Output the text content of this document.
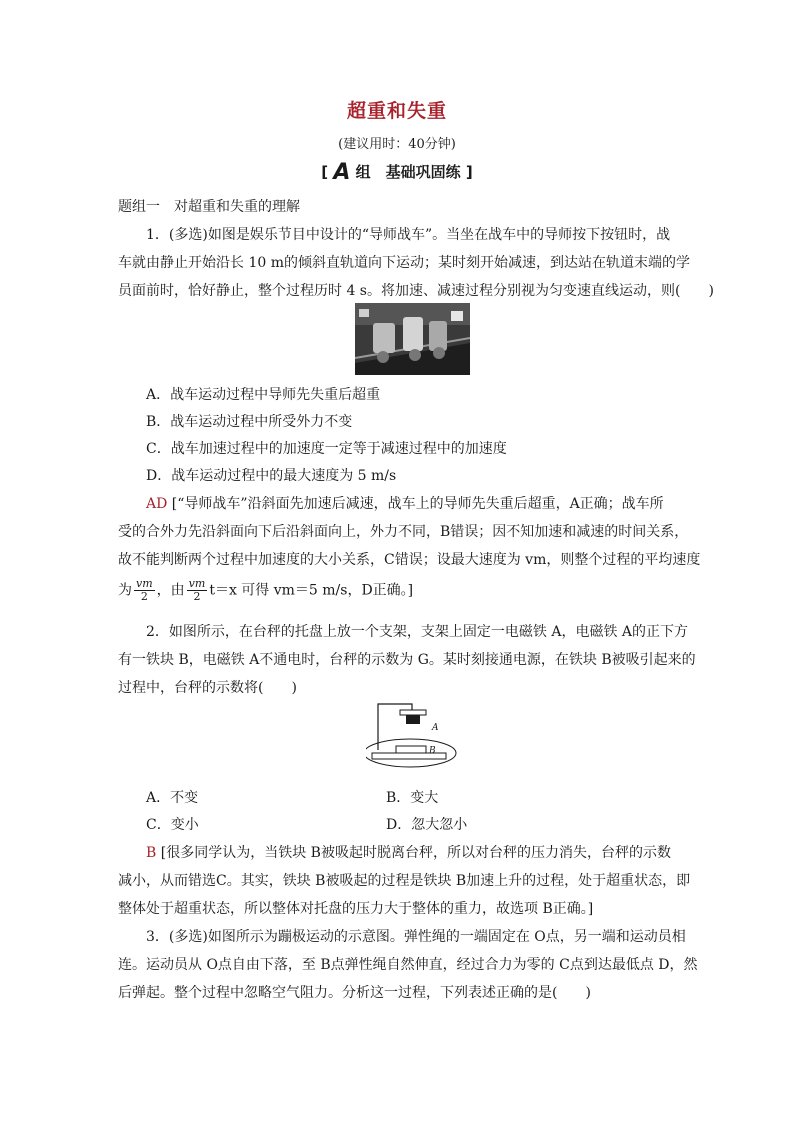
超重和失重
(建议用时：40分钟)
[ A 组　基础巩固练 ]
题组一　对超重和失重的理解
1．(多选)如图是娱乐节目中设计的“导师战车”。当坐在战车中的导师按下按钮时，战
车就由静止开始沿长 10 m的倾斜直轨道向下运动；某时刻开始减速，到达站在轨道末端的学
员面前时，恰好静止，整个过程历时 4 s。将加速、减速过程分别视为匀变速直线运动，则(　　)
A．战车运动过程中导师先失重后超重
B．战车运动过程中所受外力不变
C．战车加速过程中的加速度一定等于减速过程中的加速度
D．战车运动过程中的最大速度为 5 m/s
AD [“导师战车”沿斜面先加速后减速，战车上的导师先失重后超重，A正确；战车所
受的合外力先沿斜面向下后沿斜面向上，外力不同，B错误；因不知加速和减速的时间关系，
故不能判断两个过程中加速度的大小关系，C错误；设最大速度为 vm，则整个过程的平均速度
为 $\frac{vm}{2}$ ，由 $\frac{vm}{2} t=x$ 可得 vm＝5 m/s，D正确。]
2．如图所示，在台秤的托盘上放一个支架，支架上固定一电磁铁 A，电磁铁 A的正下方
有一铁块 B，电磁铁 A不通电时，台秤的示数为 G。某时刻接通电源，在铁块 B被吸引起来的
过程中，台秤的示数将(　　)
A
B
A．不变	B．变大
C．变小	D．忽大忽小
B [很多同学认为，当铁块 B被吸起时脱离台秤，所以对台秤的压力消失，台秤的示数
减小，从而错选C。其实，铁块 B被吸起的过程是铁块 B加速上升的过程，处于超重状态，即
整体处于超重状态，所以整体对托盘的压力大于整体的重力，故选项 B正确。]
3．(多选)如图所示为蹦极运动的示意图。弹性绳的一端固定在 O点，另一端和运动员相
连。运动员从 O点自由下落，至 B点弹性绳自然伸直，经过合力为零的 C点到达最低点 D，然
后弹起。整个过程中忽略空气阻力。分析这一过程，下列表述正确的是(　　)
